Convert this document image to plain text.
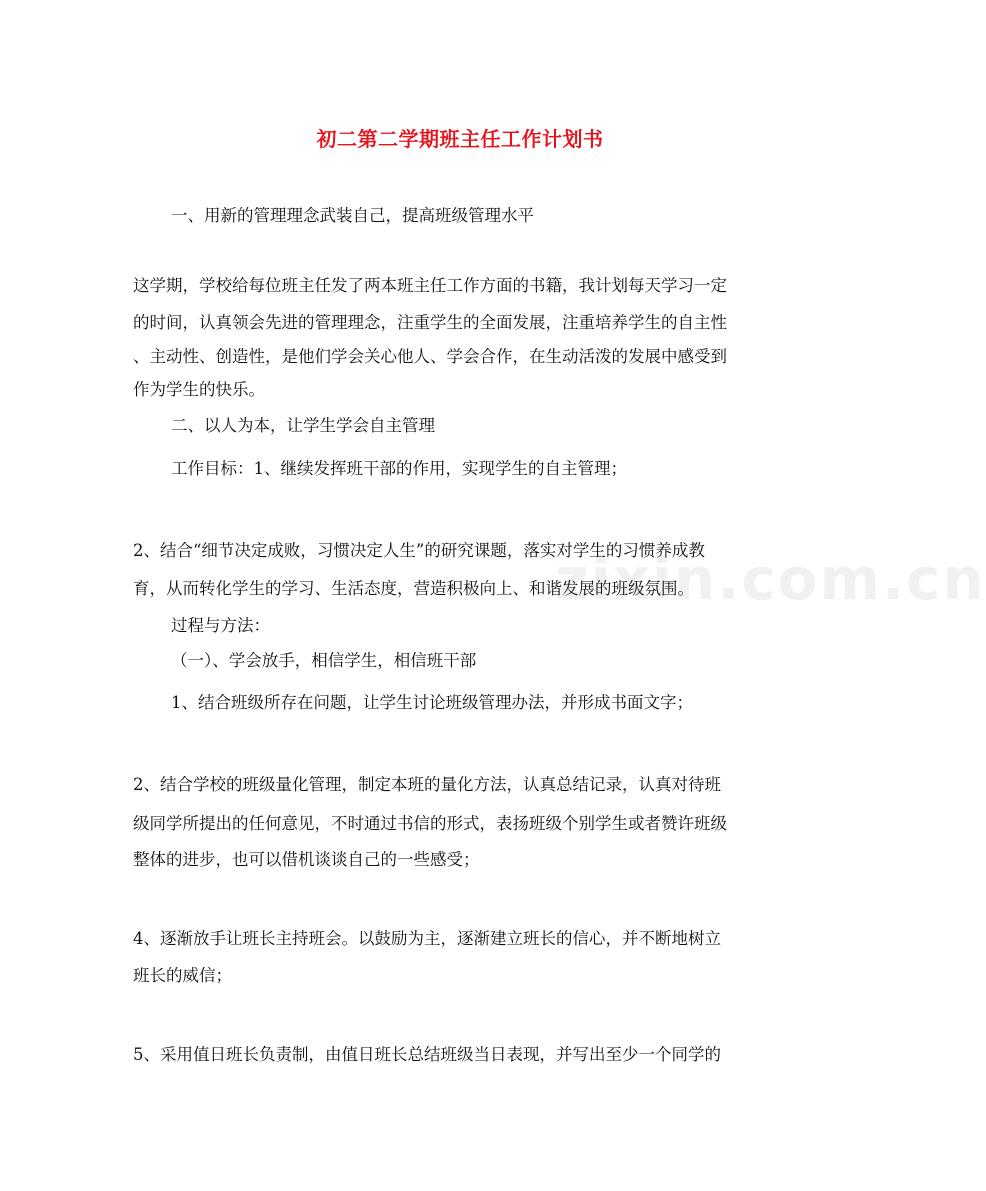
初二第二学期班主任工作计划书
zixin.com.cn
一、用新的管理理念武装自己，提高班级管理水平
这学期，学校给每位班主任发了两本班主任工作方面的书籍，我计划每天学习一定
的时间，认真领会先进的管理理念，注重学生的全面发展，注重培养学生的自主性
、主动性、创造性，是他们学会关心他人、学会合作，在生动活泼的发展中感受到
作为学生的快乐。
二、以人为本，让学生学会自主管理
工作目标：1、继续发挥班干部的作用，实现学生的自主管理；
2、结合“细节决定成败，习惯决定人生”的研究课题，落实对学生的习惯养成教
育，从而转化学生的学习、生活态度，营造积极向上、和谐发展的班级氛围。
过程与方法：
（一）、学会放手，相信学生，相信班干部
1、结合班级所存在问题，让学生讨论班级管理办法，并形成书面文字；
2、结合学校的班级量化管理，制定本班的量化方法，认真总结记录，认真对待班
级同学所提出的任何意见，不时通过书信的形式，表扬班级个别学生或者赞许班级
整体的进步，也可以借机谈谈自己的一些感受；
4、逐渐放手让班长主持班会。以鼓励为主，逐渐建立班长的信心，并不断地树立
班长的威信；
5、采用值日班长负责制，由值日班长总结班级当日表现，并写出至少一个同学的
